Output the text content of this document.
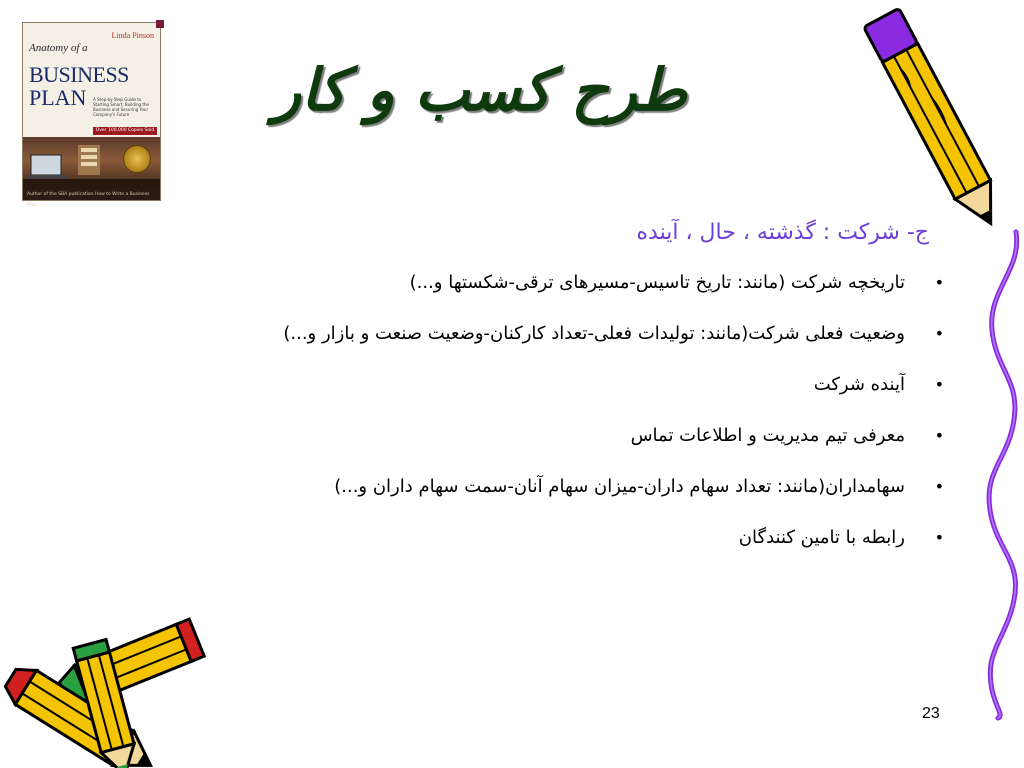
Linda Pinson
Anatomy of a
BUSINESS
PLAN A Step-by-Step Guide to Starting Smart, Building the Business and Securing Your Company's Future
Over 100,000 Copies Sold
Author of the SBA publication How to Write a Business Plan
طرح کسب و کار
ج- شرکت : گذشته ، حال ، آینده
•
تاریخچه شرکت (مانند: تاریخ تاسیس-مسیرهای ترقی-شکستها و...)
•
وضعیت فعلی شرکت(مانند: تولیدات فعلی-تعداد کارکنان-وضعیت صنعت و بازار و...)
•
آینده شرکت
•
معرفی تیم مدیریت و اطلاعات تماس
•
سهامداران(مانند: تعداد سهام داران-میزان سهام آنان-سمت سهام داران و...)
•
رابطه با تامین کنندگان
23
